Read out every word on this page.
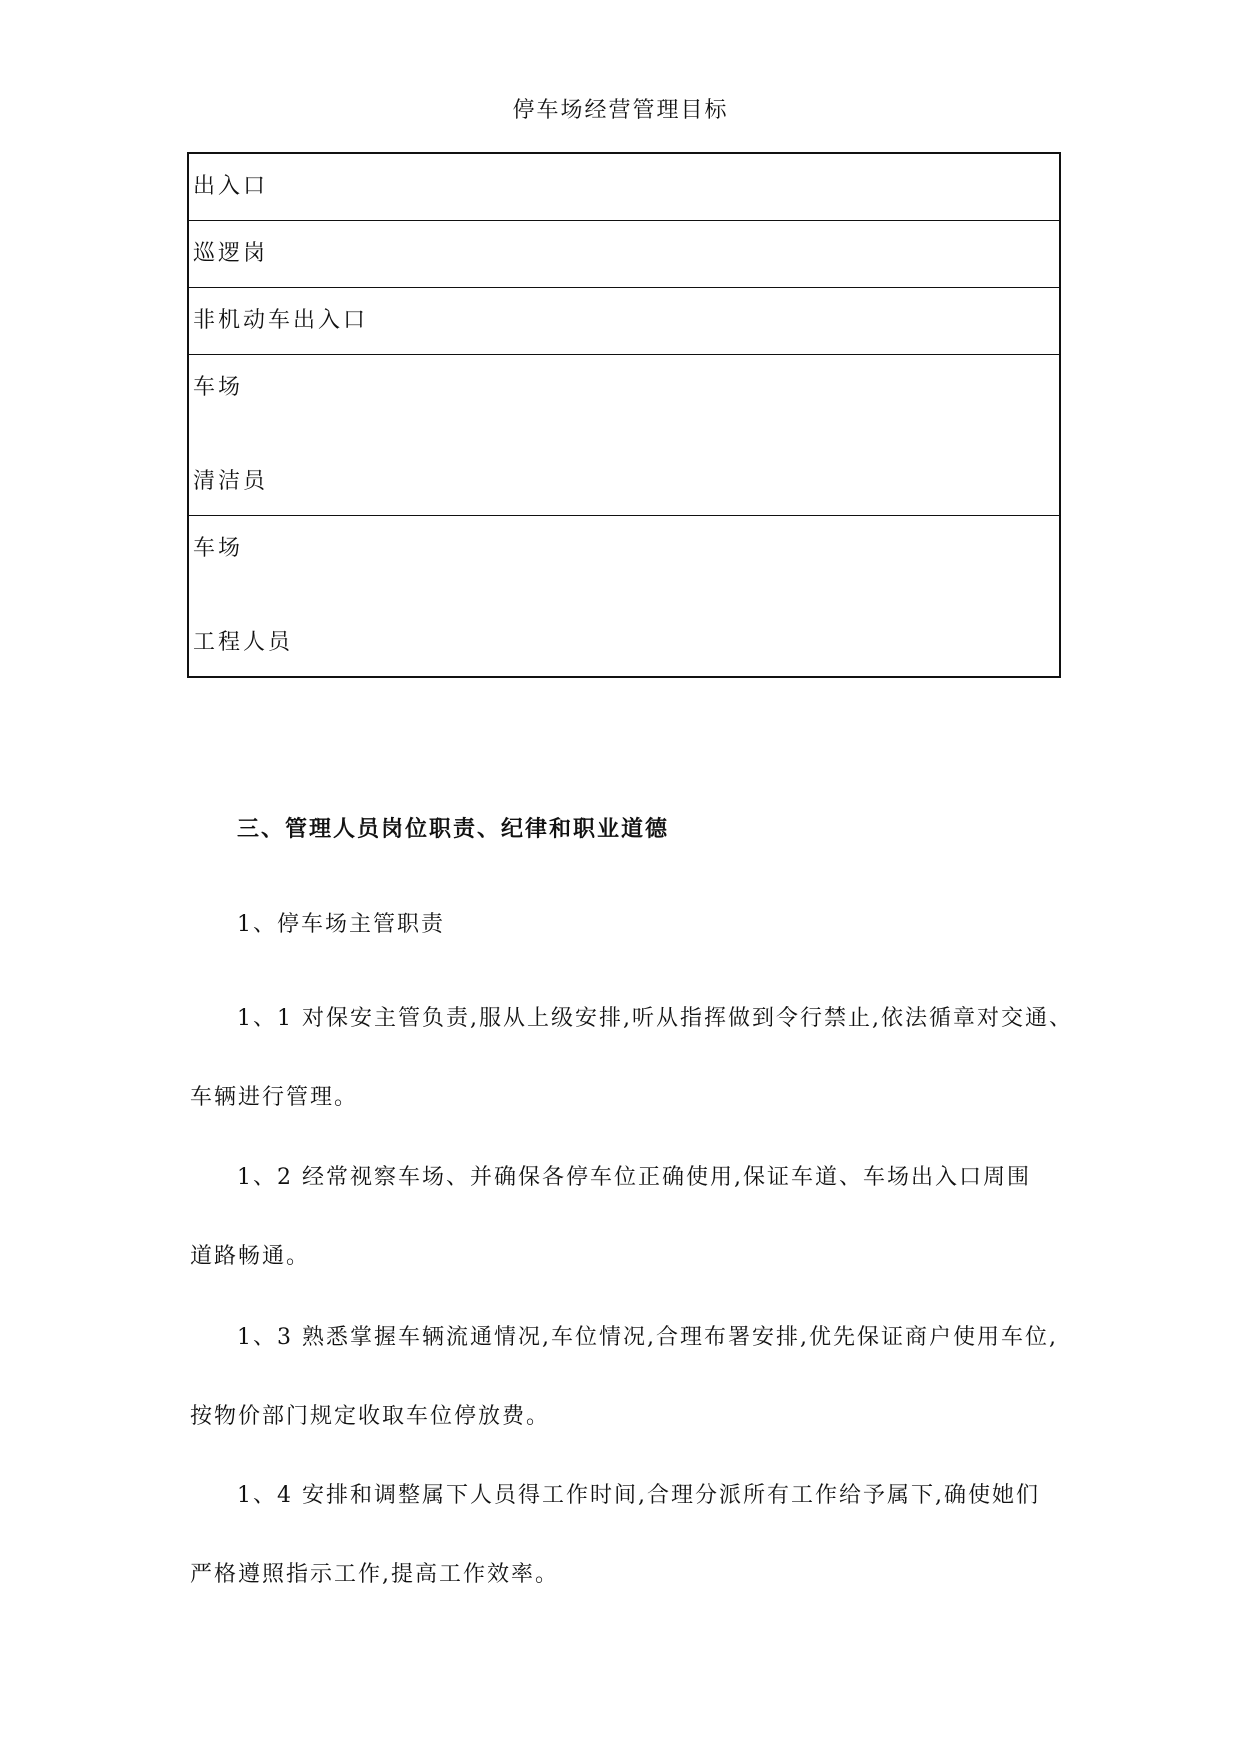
停车场经营管理目标
出入口

巡逻岗

非机动车出入口

车场
清洁员

车场
工程人员
三、管理人员岗位职责、纪律和职业道德
1、停车场主管职责
1、1 对保安主管负责,服从上级安排,听从指挥做到令行禁止,依法循章对交通、
车辆进行管理。
1、2 经常视察车场、并确保各停车位正确使用,保证车道、车场出入口周围
道路畅通。
1、3 熟悉掌握车辆流通情况,车位情况,合理布署安排,优先保证商户使用车位,
按物价部门规定收取车位停放费。
1、4 安排和调整属下人员得工作时间,合理分派所有工作给予属下,确使她们
严格遵照指示工作,提高工作效率。
